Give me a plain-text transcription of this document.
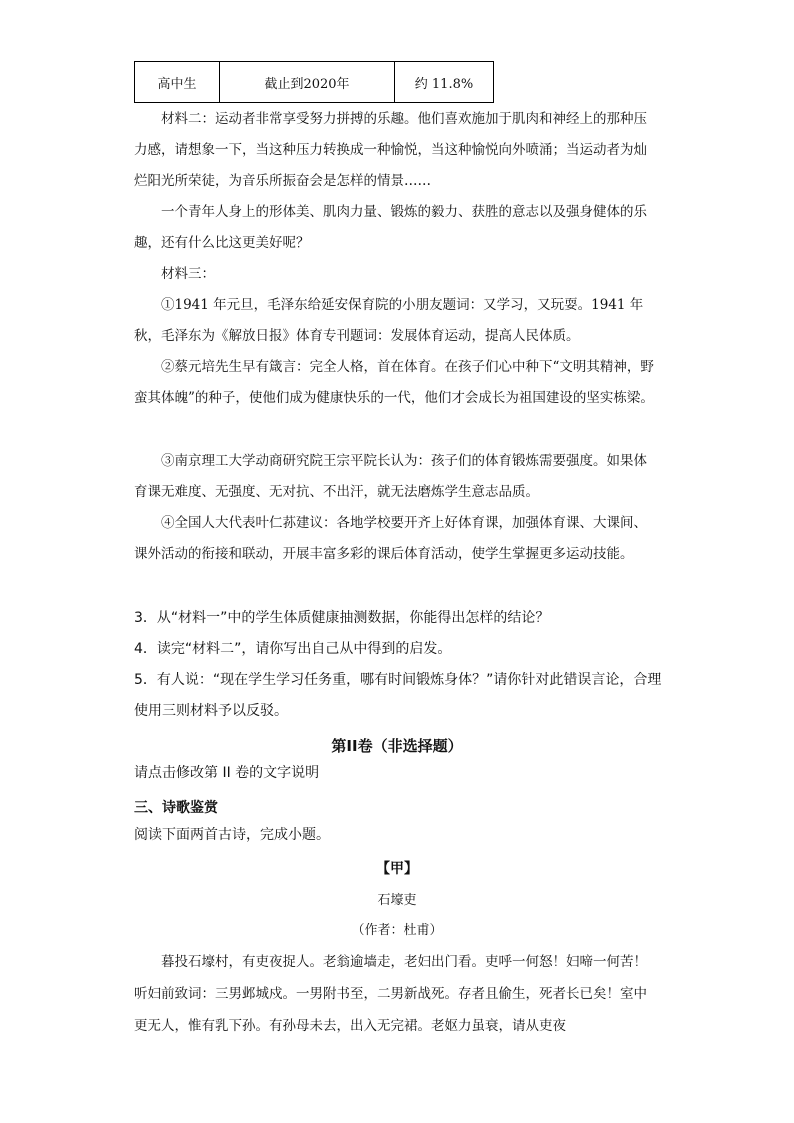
高中生	截止到2020年	约 11.8%

材料二：运动者非常享受努力拼搏的乐趣。他们喜欢施加于肌肉和神经上的那种压力感，请想象一下，当这种压力转换成一种愉悦，当这种愉悦向外喷涌；当运动者为灿烂阳光所荣徒，为音乐所振奋会是怎样的情景……

一个青年人身上的形体美、肌肉力量、锻炼的毅力、获胜的意志以及强身健体的乐趣，还有什么比这更美好呢？

材料三：

①1941 年元旦，毛泽东给延安保育院的小朋友题词：又学习，又玩耍。1941 年秋，毛泽东为《解放日报》体育专刊题词：发展体育运动，提高人民体质。

②蔡元培先生早有箴言：完全人格，首在体育。在孩子们心中种下“文明其精神，野蛮其体魄”的种子，使他们成为健康快乐的一代，他们才会成长为祖国建设的坚实栋梁。

③南京理工大学动商研究院王宗平院长认为：孩子们的体育锻炼需要强度。如果体育课无难度、无强度、无对抗、不出汗，就无法磨炼学生意志品质。

④全国人大代表叶仁荪建议：各地学校要开齐上好体育课，加强体育课、大课间、课外活动的衔接和联动，开展丰富多彩的课后体育活动，使学生掌握更多运动技能。

3．从“材料一”中的学生体质健康抽测数据，你能得出怎样的结论？

4．读完“材料二”，请你写出自己从中得到的启发。

5．有人说：“现在学生学习任务重，哪有时间锻炼身体？”请你针对此错误言论，合理使用三则材料予以反驳。

第II卷（非选择题）

请点击修改第 II 卷的文字说明

三、诗歌鉴赏

阅读下面两首古诗，完成小题。

【甲】

石壕吏

（作者：杜甫）

暮投石壕村，有吏夜捉人。老翁逾墙走，老妇出门看。吏呼一何怒！妇啼一何苦！听妇前致词：三男邺城戍。一男附书至，二男新战死。存者且偷生，死者长已矣！室中更无人，惟有乳下孙。有孙母未去，出入无完裙。老妪力虽衰，请从吏夜
